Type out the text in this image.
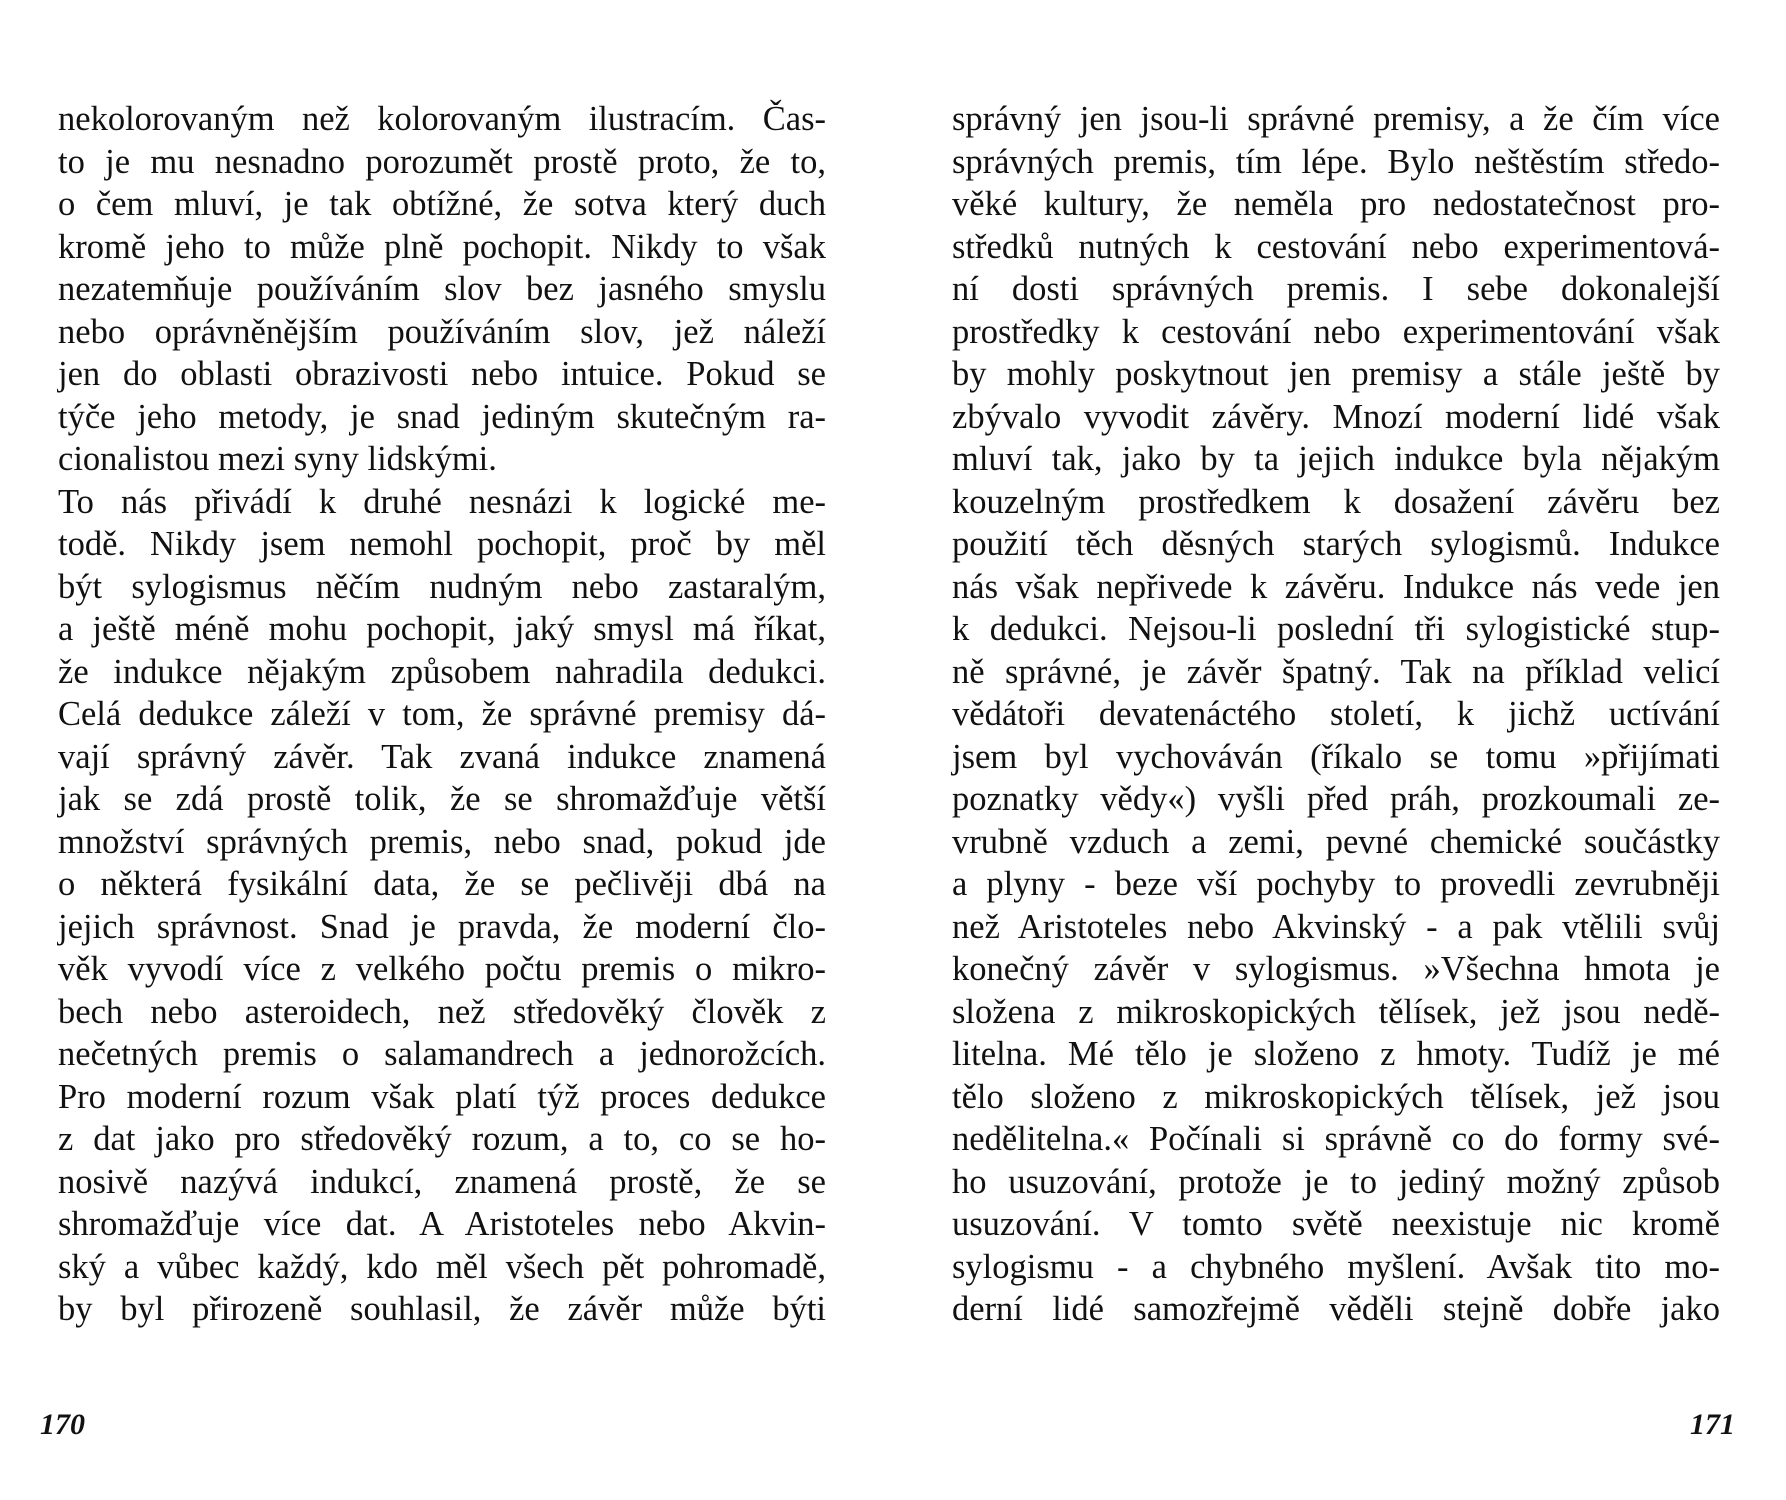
nekolorovaným než kolorovaným ilustracím. Čas-
to je mu nesnadno porozumět prostě proto, že to,
o čem mluví, je tak obtížné, že sotva který duch
kromě jeho to může plně pochopit. Nikdy to však
nezatemňuje používáním slov bez jasného smyslu
nebo oprávněnějším používáním slov, jež náleží
jen do oblasti obrazivosti nebo intuice. Pokud se
týče jeho metody, je snad jediným skutečným ra-
cionalistou mezi syny lidskými.
To nás přivádí k druhé nesnázi k logické me-
todě. Nikdy jsem nemohl pochopit, proč by měl
být sylogismus něčím nudným nebo zastaralým,
a ještě méně mohu pochopit, jaký smysl má říkat,
že indukce nějakým způsobem nahradila dedukci.
Celá dedukce záleží v tom, že správné premisy dá-
vají správný závěr. Tak zvaná indukce znamená
jak se zdá prostě tolik, že se shromažďuje větší
množství správných premis, nebo snad, pokud jde
o některá fysikální data, že se pečlivěji dbá na
jejich správnost. Snad je pravda, že moderní člo-
věk vyvodí více z velkého počtu premis o mikro-
bech nebo asteroidech, než středověký člověk z
nečetných premis o salamandrech a jednorožcích.
Pro moderní rozum však platí týž proces dedukce
z dat jako pro středověký rozum, a to, co se ho-
nosivě nazývá indukcí, znamená prostě, že se
shromažďuje více dat. A Aristoteles nebo Akvin-
ský a vůbec každý, kdo měl všech pět pohromadě,
by byl přirozeně souhlasil, že závěr může býti
170
správný jen jsou-li správné premisy, a že čím více
správných premis, tím lépe. Bylo neštěstím středo-
věké kultury, že neměla pro nedostatečnost pro-
středků nutných k cestování nebo experimentová-
ní dosti správných premis. I sebe dokonalejší
prostředky k cestování nebo experimentování však
by mohly poskytnout jen premisy a stále ještě by
zbývalo vyvodit závěry. Mnozí moderní lidé však
mluví tak, jako by ta jejich indukce byla nějakým
kouzelným prostředkem k dosažení závěru bez
použití těch děsných starých sylogismů. Indukce
nás však nepřivede k závěru. Indukce nás vede jen
k dedukci. Nejsou-li poslední tři sylogistické stup-
ně správné, je závěr špatný. Tak na příklad velicí
vědátoři devatenáctého století, k jichž uctívání
jsem byl vychováván (říkalo se tomu »přijímati
poznatky vědy«) vyšli před práh, prozkoumali ze-
vrubně vzduch a zemi, pevné chemické součástky
a plyny - beze vší pochyby to provedli zevrubněji
než Aristoteles nebo Akvinský - a pak vtělili svůj
konečný závěr v sylogismus. »Všechna hmota je
složena z mikroskopických tělísek, jež jsou nedě-
litelna. Mé tělo je složeno z hmoty. Tudíž je mé
tělo složeno z mikroskopických tělísek, jež jsou
nedělitelna.« Počínali si správně co do formy své-
ho usuzování, protože je to jediný možný způsob
usuzování. V tomto světě neexistuje nic kromě
sylogismu - a chybného myšlení. Avšak tito mo-
derní lidé samozřejmě věděli stejně dobře jako
171
